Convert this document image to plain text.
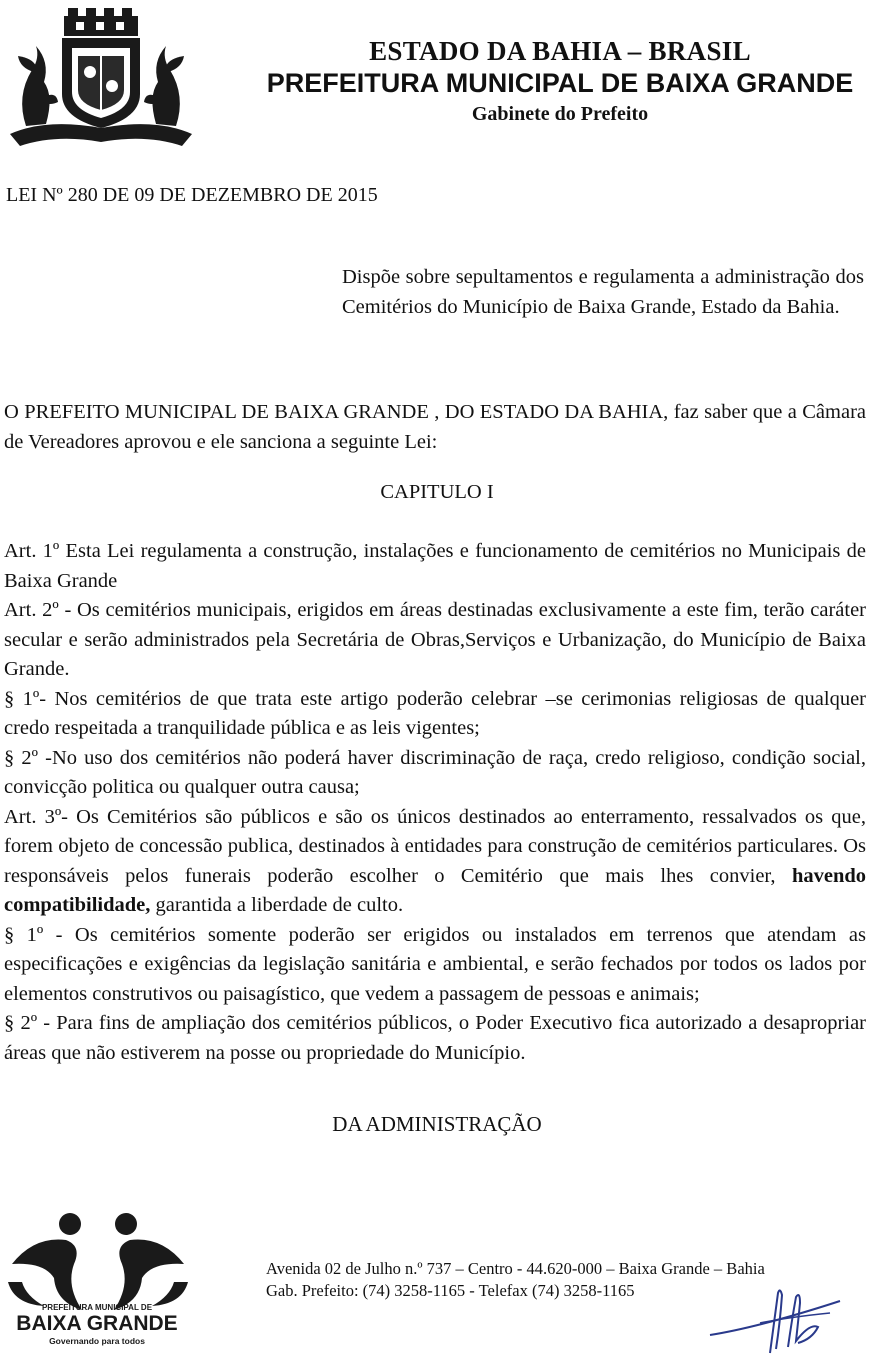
ESTADO DA BAHIA – BRASIL
PREFEITURA MUNICIPAL DE BAIXA GRANDE
Gabinete do Prefeito
LEI Nº 280 DE 09 DE DEZEMBRO DE 2015
Dispõe sobre sepultamentos e regulamenta a administração dos Cemitérios do Município de Baixa Grande, Estado da Bahia.
O PREFEITO MUNICIPAL DE BAIXA GRANDE , DO ESTADO DA BAHIA, faz saber que a Câmara de Vereadores aprovou e ele sanciona a seguinte Lei:
CAPITULO I

Art. 1º Esta Lei regulamenta a construção, instalações e funcionamento de cemitérios no Municipais de Baixa Grande

Art. 2º - Os cemitérios municipais, erigidos em áreas destinadas exclusivamente a este fim, terão caráter secular e serão administrados pela Secretária de Obras,Serviços e Urbanização, do Município de Baixa Grande.

§ 1º- Nos cemitérios de que trata este artigo poderão celebrar –se cerimonias religiosas de qualquer credo respeitada a tranquilidade pública e as leis vigentes;

§ 2º -No uso dos cemitérios não poderá haver discriminação de raça, credo religioso, condição social, convicção politica ou qualquer outra causa;

Art. 3º- Os Cemitérios são públicos e são os únicos destinados ao enterramento, ressalvados os que, forem objeto de concessão publica, destinados à entidades para construção de cemitérios particulares. Os responsáveis pelos funerais poderão escolher o Cemitério que mais lhes convier, havendo compatibilidade, garantida a liberdade de culto.

§ 1º - Os cemitérios somente poderão ser erigidos ou instalados em terrenos que atendam as especificações e exigências da legislação sanitária e ambiental, e serão fechados por todos os lados por elementos construtivos ou paisagístico, que vedem a passagem de pessoas e animais;

§ 2º - Para fins de ampliação dos cemitérios públicos, o Poder Executivo fica autorizado a desapropriar áreas que não estiverem na posse ou propriedade do Município.

DA ADMINISTRAÇÃO
PREFEITURA MUNICIPAL DE
BAIXA GRANDE
Governando para todos
Avenida 02 de Julho n.º 737 – Centro - 44.620-000 – Baixa Grande – Bahia
Gab. Prefeito: (74) 3258-1165 - Telefax (74) 3258-1165
